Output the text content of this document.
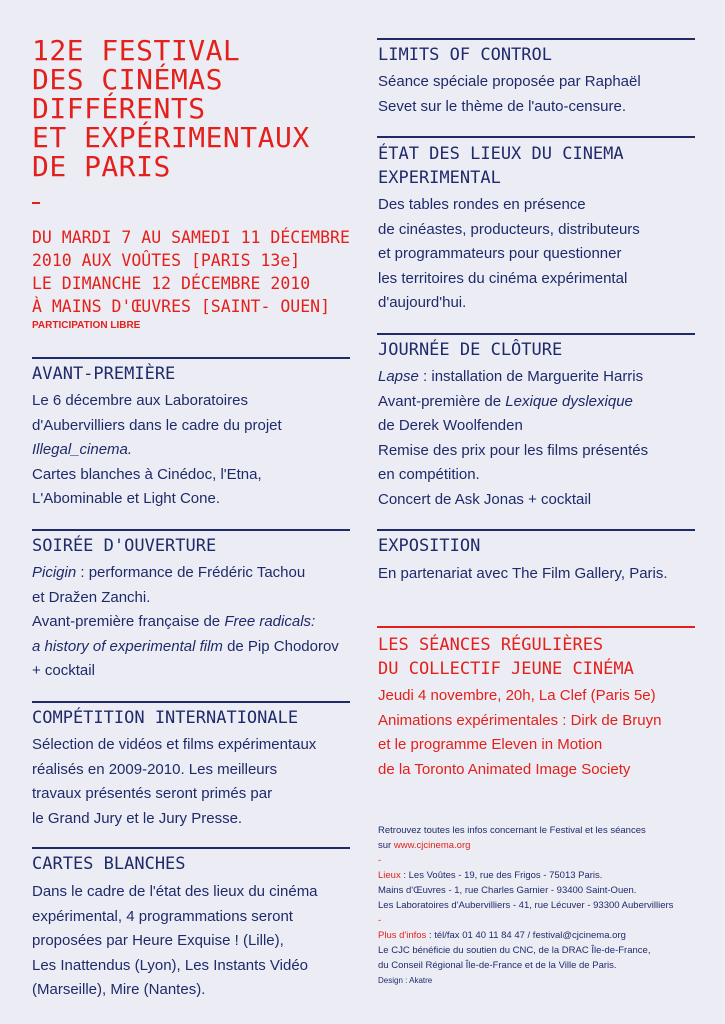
12E FESTIVAL
DES CINÉMAS
DIFFÉRENTS
ET EXPÉRIMENTAUX
DE PARIS
DU MARDI 7 AU SAMEDI 11 DÉCEMBRE
2010 AUX VOÛTES [PARIS 13e]
LE DIMANCHE 12 DÉCEMBRE 2010
À MAINS D'ŒUVRES [SAINT- OUEN]
PARTICIPATION LIBRE
AVANT-PREMIÈRE

Le 6 décembre aux Laboratoires

d'Aubervilliers dans le cadre du projet

Illegal_cinema.

Cartes blanches à Cinédoc, l'Etna,

L'Abominable et Light Cone.

SOIRÉE D'OUVERTURE

Picigin : performance de Frédéric Tachou

et Dražen Zanchi.

Avant-première française de Free radicals:

a history of experimental film de Pip Chodorov

+ cocktail

COMPÉTITION INTERNATIONALE

Sélection de vidéos et films expérimentaux

réalisés en 2009-2010. Les meilleurs

travaux présentés seront primés par

le Grand Jury et le Jury Presse.

CARTES BLANCHES

Dans le cadre de l'état des lieux du cinéma

expérimental, 4 programmations seront

proposées par Heure Exquise ! (Lille),

Les Inattendus (Lyon), Les Instants Vidéo

(Marseille), Mire (Nantes).

LIMITS OF CONTROL

Séance spéciale proposée par Raphaël

Sevet sur le thème de l'auto-censure.

ÉTAT DES LIEUX DU CINEMA
EXPERIMENTAL

Des tables rondes en présence

de cinéastes, producteurs, distributeurs

et programmateurs pour questionner

les territoires du cinéma expérimental

d'aujourd'hui.

JOURNÉE DE CLÔTURE

Lapse : installation de Marguerite Harris

Avant-première de Lexique dyslexique

de Derek Woolfenden

Remise des prix pour les films présentés

en compétition.

Concert de Ask Jonas + cocktail

EXPOSITION

En partenariat avec The Film Gallery, Paris.

LES SÉANCES RÉGULIÈRES
DU COLLECTIF JEUNE CINÉMA

Jeudi 4 novembre, 20h, La Clef (Paris 5e)

Animations expérimentales : Dirk de Bruyn

et le programme Eleven in Motion

de la Toronto Animated Image Society

Retrouvez toutes les infos concernant le Festival et les séances

sur www.cjcinema.org

-

Lieux : Les Voûtes - 19, rue des Frigos - 75013 Paris.

Mains d'Œuvres - 1, rue Charles Garnier - 93400 Saint-Ouen.

Les Laboratoires d'Aubervilliers - 41, rue Lécuver - 93300 Aubervilliers

-

Plus d'infos : tél/fax 01 40 11 84 47 / festival@cjcinema.org

Le CJC bénéficie du soutien du CNC, de la DRAC Île-de-France,

du Conseil Régional Île-de-France et de la Ville de Paris.

Design : Akatre
